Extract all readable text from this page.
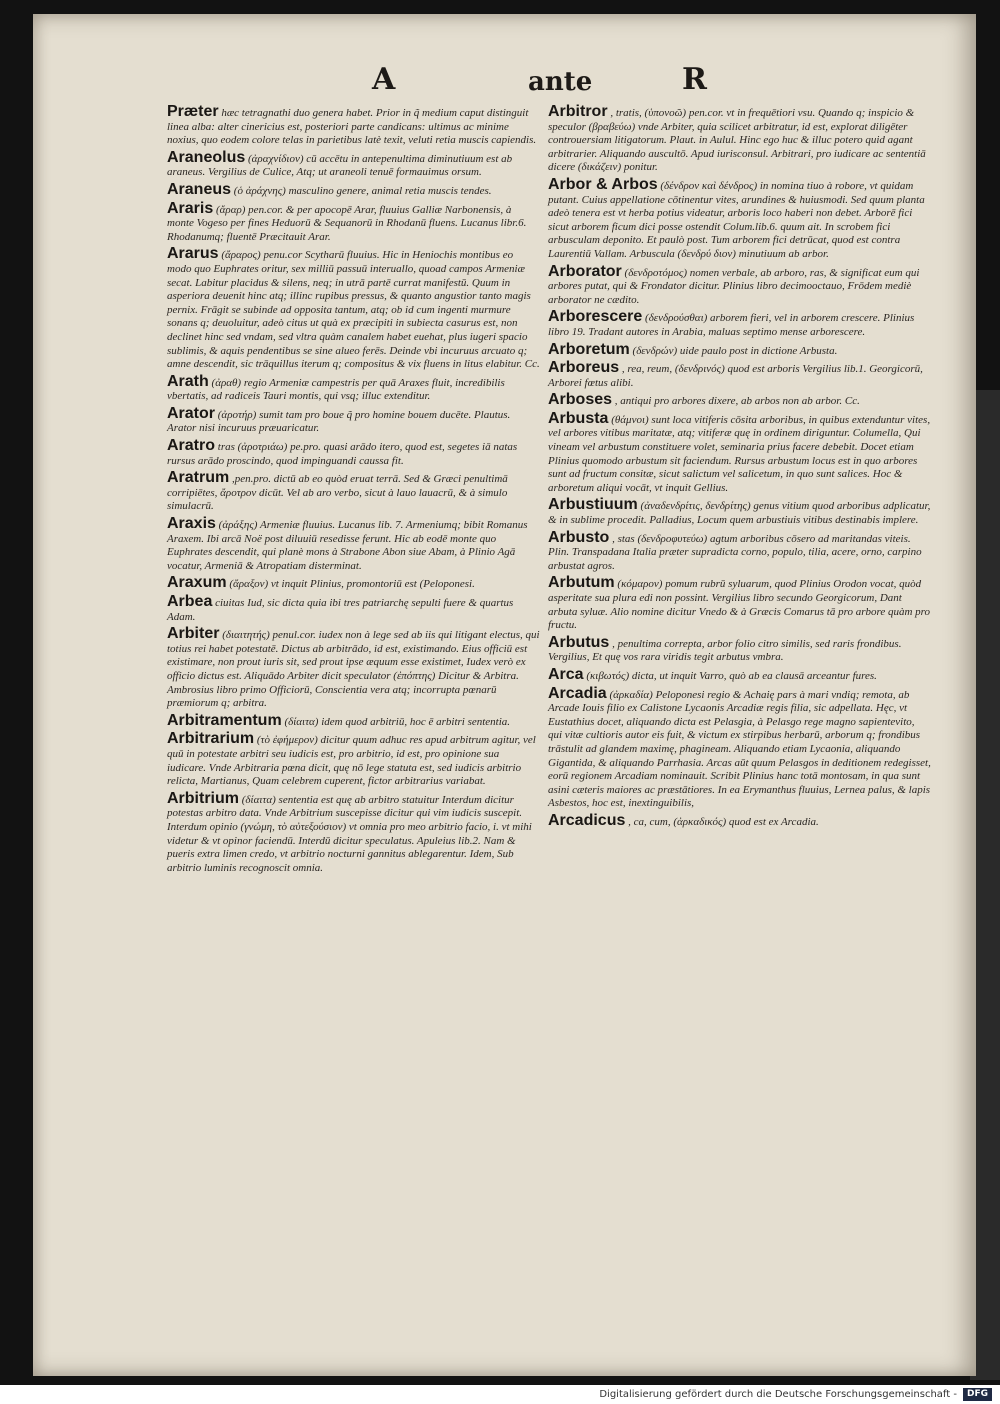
A	ante	R
Præter hæc tetragnathi duo genera habet. Prior in q̃ medium caput distinguit linea alba: alter cinericius est, posteriori parte candicans: ultimus ac minime noxius, quo eodem colore telas in parietibus latè texit, veluti retia muscis capiendis.
Araneolus (ἀραχνίδιον) cū accētu in antepenultima diminutiuum est ab araneus. Vergilius de Culice, Atq; ut araneoli tenuē formauimus orsum.
Araneus (ὁ ἀράχνης) masculino genere, animal retia muscis tendes.
Araris (ἄραρ) pen.cor. & per apocopē Arar, fluuius Galliæ Narbonensis, à monte Vogeso per fines Heduorū & Sequanorū in Rhodanū fluens. Lucanus libr.6. Rhodanumq; fluentē Præcitauit Arar.
Ararus (ἄραρος) penu.cor Scytharū fluuius. Hic in Heniochis montibus eo modo quo Euphrates oritur, sex milliū passuū interuallo, quoad campos Armeniæ secat. Labitur placidus & silens, neq; in utrā partē currat manifestū. Quum in asperiora deuenit hinc atq; illinc rupibus pressus, & quanto angustior tanto magis pernix. Frāgit se subinde ad opposita tantum, atq; ob id cum ingenti murmure sonans q; deuoluitur, adeò citus ut quà ex præcipiti in subiecta casurus est, non declinet hinc sed vndam, sed vltra quàm canalem habet euehat, plus iugeri spacio sublimis, & aquis pendentibus se sine alueo ferēs. Deinde vbi incuruus arcuato q; amne descendit, sic trāquillus iterum q; compositus & vix fluens in litus elabitur. Cc.
Arath (ἀραθ) regio Armeniæ campestris per quā Araxes fluit, incredibilis vbertatis, ad radiceis Tauri montis, qui vsq; illuc extenditur.
Arator (ἀροτήρ) sumit tam pro boue q̃ pro homine bouem ducēte. Plautus. Arator nisi incuruus præuaricatur.
Aratro tras (ἀροτριάω) pe.pro. quasi arādo itero, quod est, segetes iā natas rursus arādo proscindo, quod impinguandi caussa fit.
Aratrum ,pen.pro. dictū ab eo quòd eruat terrā. Sed & Græci penultimā corripiētes, ἄροτρον dicūt. Vel ab aro verbo, sicut à lauo lauacrū, & à simulo simulacrū.
Araxis (ἀράξης) Armeniæ fluuius. Lucanus lib. 7. Armeniumq; bibit Romanus Araxem. Ibi arcā Noë post diluuiū resedisse ferunt. Hic ab eodē monte quo Euphrates descendit, qui planè mons à Strabone Abon siue Abam, à Plinio Agā vocatur, Armeniā & Atropatiam disterminat.
Araxum (ἄραξον) vt inquit Plinius, promontoriū est (Peloponesi.
Arbea ciuitas Iud, sic dicta quia ibi tres patriarchę sepulti fuere & quartus Adam.
Arbiter (διαιτητής) penul.cor. iudex non à lege sed ab iis qui litigant electus, qui totius rei habet potestatē. Dictus ab arbitrādo, id est, existimando. Eius officiū est existimare, non prout iuris sit, sed prout ipse æquum esse existimet, Iudex verò ex officio dictus est. Aliquādo Arbiter dicit speculator (ἐπόπτης) Dicitur & Arbitra. Ambrosius libro primo Officiorū, Conscientia vera atq; incorrupta pœnarū præmiorum q; arbitra.
Arbitramentum (δίαιτα) idem quod arbitriū, hoc ē arbitri sententia.
Arbitrarium (τὸ ἐφήμερον) dicitur quum adhuc res apud arbitrum agitur, vel quū in potestate arbitri seu iudicis est, pro arbitrio, id est, pro opinione sua iudicare. Vnde Arbitraria pœna dicit, quę nō lege statuta est, sed iudicis arbitrio relicta, Martianus, Quam celebrem cuperent, fictor arbitrarius variabat.
Arbitrium (δίαιτα) sententia est quę ab arbitro statuitur Interdum dicitur potestas arbitro data. Vnde Arbitrium suscepisse dicitur qui vim iudicis suscepit. Interdum opinio (γνώμη, τὸ αὐτεξούσιον) vt omnia pro meo arbitrio facio, i. vt mihi videtur & vt opinor faciendū. Interdū dicitur speculatus. Apuleius lib.2. Nam & pueris extra limen credo, vt arbitrio nocturni gannitus ablegarentur. Idem, Sub arbitrio luminis recognoscit omnia.
Arbitror , tratis, (ὑπονοῶ) pen.cor. vt in frequētiori vsu. Quando q; inspicio & speculor (βραβεύω) vnde Arbiter, quia scilicet arbitratur, id est, explorat diligēter controuersiam litigatorum. Plaut. in Aulul. Hinc ego huc & illuc potero quid agant arbitrarier. Aliquando auscultō. Apud iurisconsul. Arbitrari, pro iudicare ac sententiā dicere (δικάζειν) ponitur.
Arbor & Arbos (δένδρον καὶ δένδρος) in nomina tiuo à robore, vt quidam putant. Cuius appellatione cōtinentur vites, arundines & huiusmodi. Sed quum planta adeò tenera est vt herba potius videatur, arboris loco haberi non debet. Arborē fici sicut arborem ficum dici posse ostendit Colum.lib.6. quum ait. In scrobem fici arbusculam deponito. Et paulò post. Tum arborem fici detrūcat, quod est contra Laurentiū Vallam. Arbuscula (δενδρύ διον) minutiuum ab arbor.
Arborator (δενδροτόμος) nomen verbale, ab arboro, ras, & significat eum qui arbores putat, qui & Frondator dicitur. Plinius libro decimooctauo, Frōdem mediè arborator ne cædito.
Arborescere (δενδρούσθαι) arborem fieri, vel in arborem crescere. Plinius libro 19. Tradant autores in Arabia, maluas septimo mense arborescere.
Arboretum (δενδρών) uide paulo post in dictione Arbusta.
Arboreus , rea, reum, (δενδρινός) quod est arboris Vergilius lib.1. Georgicorū, Arborei fœtus alibi.
Arboses , antiqui pro arbores dixere, ab arbos non ab arbor. Cc.
Arbusta (θάμνοι) sunt loca vitiferis cōsita arboribus, in quibus extenduntur vites, vel arbores vitibus maritatæ, atq; vitiferæ quę in ordinem diriguntur. Columella, Qui vineam vel arbustum constituere volet, seminaria prius facere debebit. Docet etiam Plinius quomodo arbustum sit faciendum. Rursus arbustum locus est in quo arbores sunt ad fructum consitæ, sicut salictum vel salicetum, in quo sunt salices. Hoc & arboretum aliqui vocāt, vt inquit Gellius.
Arbustiuum (ἀναδενδρίτις, δενδρίτης) genus vitium quod arboribus adplicatur, & in sublime procedit. Palladius, Locum quem arbustiuis vitibus destinabis implere.
Arbusto , stas (δενδροφυτεύω) agtum arboribus cōsero ad maritandas viteis. Plin. Transpadana Italia præter supradicta corno, populo, tilia, acere, orno, carpino arbustat agros.
Arbutum (κόμαρον) pomum rubrū syluarum, quod Plinius Orodon vocat, quòd asperitate sua plura edi non possint. Vergilius libro secundo Georgicorum, Dant arbuta syluæ. Alio nomine dicitur Vnedo & à Græcis Comarus tā pro arbore quàm pro fructu.
Arbutus , penultima correpta, arbor folio citro similis, sed raris frondibus. Vergilius, Et quę vos rara viridis tegit arbutus vmbra.
Arca (κιβωτός) dicta, ut inquit Varro, quò ab ea clausā arceantur fures.
Arcadia (ἀρκαδία) Peloponesi regio & Achaię pars à mari vndiq; remota, ab Arcade Iouis filio ex Calistone Lycaonis Arcadiæ regis filia, sic adpellata. Hęc, vt Eustathius docet, aliquando dicta est Pelasgia, à Pelasgo rege magno sapientevito, qui vitæ cultioris autor eis fuit, & victum ex stirpibus herbarū, arborum q; frondibus trāstulit ad glandem maximę, phagineam. Aliquando etiam Lycaonia, aliquando Gigantida, & aliquando Parrhasia. Arcas aūt quum Pelasgos in deditionem redegisset, eorū regionem Arcadiam nominauit. Scribit Plinius hanc totā montosam, in qua sunt asini cæteris maiores ac præstātiores. In ea Erymanthus fluuius, Lernea palus, & lapis Asbestos, hoc est, inextinguibilis,
Arcadicus , ca, cum, (ἀρκαδικός) quod est ex Arcadia.
Digitalisierung gefördert durch die Deutsche Forschungsgemeinschaft - DFG
